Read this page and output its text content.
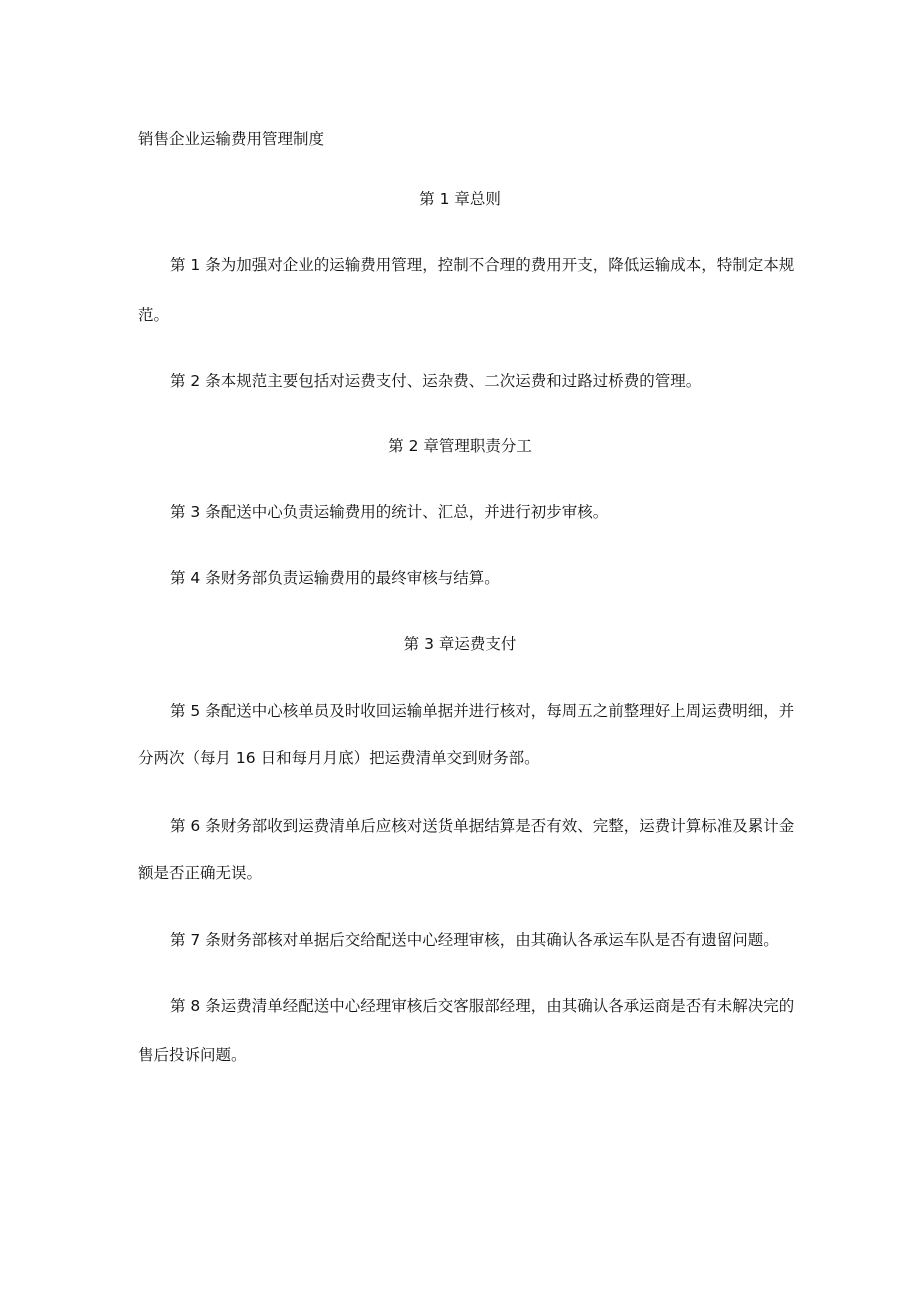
销售企业运输费用管理制度
第 1 章总则
第 1 条为加强对企业的运输费用管理，控制不合理的费用开支，降低运输成本，特制定本规
范。
第 2 条本规范主要包括对运费支付、运杂费、二次运费和过路过桥费的管理。
第 2 章管理职责分工
第 3 条配送中心负责运输费用的统计、汇总，并进行初步审核。
第 4 条财务部负责运输费用的最终审核与结算。
第 3 章运费支付
第 5 条配送中心核单员及时收回运输单据并进行核对，每周五之前整理好上周运费明细，并
分两次（每月 16 日和每月月底）把运费清单交到财务部。
第 6 条财务部收到运费清单后应核对送货单据结算是否有效、完整，运费计算标准及累计金
额是否正确无误。
第 7 条财务部核对单据后交给配送中心经理审核，由其确认各承运车队是否有遗留问题。
第 8 条运费清单经配送中心经理审核后交客服部经理，由其确认各承运商是否有未解决完的
售后投诉问题。
